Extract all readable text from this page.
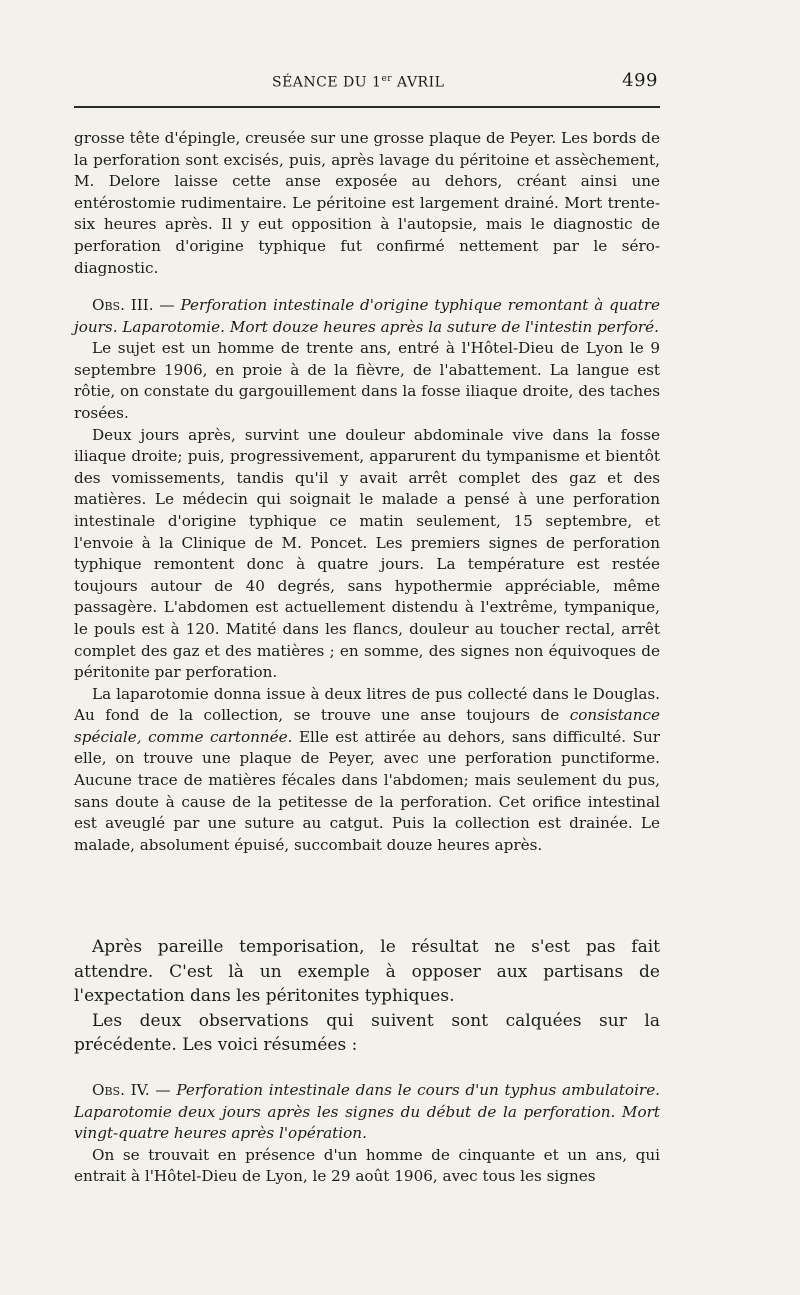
SÉANCE DU 1er AVRIL	499

grosse tête d'épingle, creusée sur une grosse plaque de Peyer. Les bords de la perforation sont excisés, puis, après lavage du péritoine et assèchement, M. Delore laisse cette anse exposée au dehors, créant ainsi une entérostomie rudimentaire. Le péritoine est largement drainé. Mort trente-six heures après. Il y eut opposition à l'autopsie, mais le diagnostic de perforation d'origine typhique fut confirmé nettement par le séro-diagnostic.

Obs. III. — Perforation intestinale d'origine typhique remontant à quatre jours. Laparotomie. Mort douze heures après la suture de l'intestin perforé.

Le sujet est un homme de trente ans, entré à l'Hôtel-Dieu de Lyon le 9 septembre 1906, en proie à de la fièvre, de l'abattement. La langue est rôtie, on constate du gargouillement dans la fosse iliaque droite, des taches rosées.

Deux jours après, survint une douleur abdominale vive dans la fosse iliaque droite; puis, progressivement, apparurent du tympanisme et bientôt des vomissements, tandis qu'il y avait arrêt complet des gaz et des matières. Le médecin qui soignait le malade a pensé à une perforation intestinale d'origine typhique ce matin seulement, 15 septembre, et l'envoie à la Clinique de M. Poncet. Les premiers signes de perforation typhique remontent donc à quatre jours. La température est restée toujours autour de 40 degrés, sans hypothermie appréciable, même passagère. L'abdomen est actuellement distendu à l'extrême, tympanique, le pouls est à 120. Matité dans les flancs, douleur au toucher rectal, arrêt complet des gaz et des matières ; en somme, des signes non équivoques de péritonite par perforation.

La laparotomie donna issue à deux litres de pus collecté dans le Douglas. Au fond de la collection, se trouve une anse toujours de consistance spéciale, comme cartonnée. Elle est attirée au dehors, sans difficulté. Sur elle, on trouve une plaque de Peyer, avec une perforation punctiforme. Aucune trace de matières fécales dans l'abdomen; mais seulement du pus, sans doute à cause de la petitesse de la perforation. Cet orifice intestinal est aveuglé par une suture au catgut. Puis la collection est drainée. Le malade, absolument épuisé, succombait douze heures après.

Après pareille temporisation, le résultat ne s'est pas fait attendre. C'est là un exemple à opposer aux partisans de l'expectation dans les péritonites typhiques.

Les deux observations qui suivent sont calquées sur la précédente. Les voici résumées :

Obs. IV. — Perforation intestinale dans le cours d'un typhus ambulatoire. Laparotomie deux jours après les signes du début de la perforation. Mort vingt-quatre heures après l'opération.

On se trouvait en présence d'un homme de cinquante et un ans, qui entrait à l'Hôtel-Dieu de Lyon, le 29 août 1906, avec tous les signes
